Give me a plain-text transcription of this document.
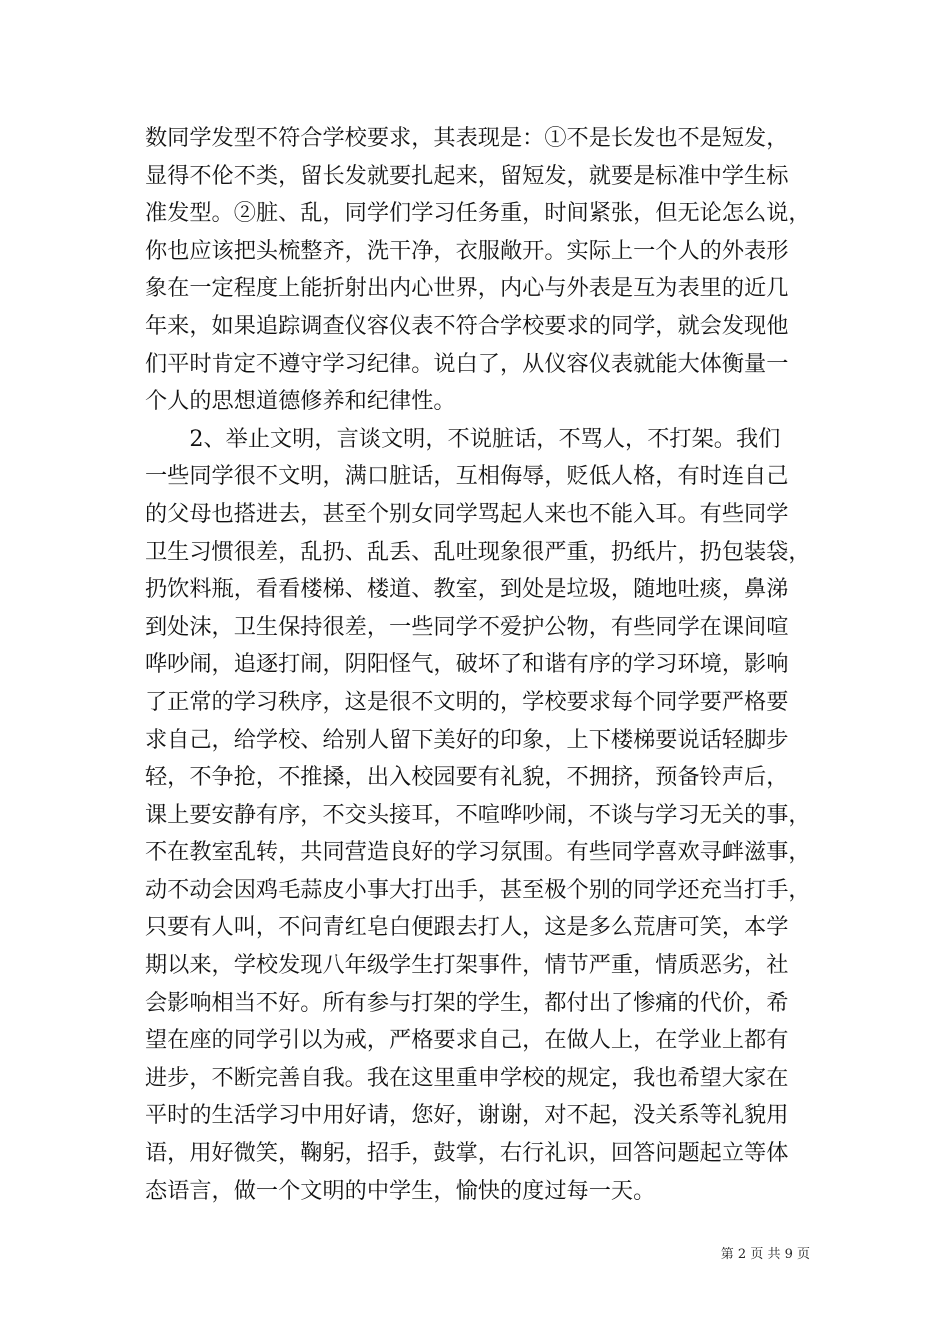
数同学发型不符合学校要求，其表现是：①不是长发也不是短发，
显得不伦不类，留长发就要扎起来，留短发，就要是标准中学生标
准发型。②脏、乱，同学们学习任务重，时间紧张，但无论怎么说，
你也应该把头梳整齐，洗干净，衣服敞开。实际上一个人的外表形
象在一定程度上能折射出内心世界，内心与外表是互为表里的近几
年来，如果追踪调查仪容仪表不符合学校要求的同学，就会发现他
们平时肯定不遵守学习纪律。说白了，从仪容仪表就能大体衡量一
个人的思想道德修养和纪律性。
　　2、举止文明，言谈文明，不说脏话，不骂人，不打架。我们
一些同学很不文明，满口脏话，互相侮辱，贬低人格，有时连自己
的父母也搭进去，甚至个别女同学骂起人来也不能入耳。有些同学
卫生习惯很差，乱扔、乱丢、乱吐现象很严重，扔纸片，扔包装袋，
扔饮料瓶，看看楼梯、楼道、教室，到处是垃圾，随地吐痰，鼻涕
到处沫，卫生保持很差，一些同学不爱护公物，有些同学在课间喧
哗吵闹，追逐打闹，阴阳怪气，破坏了和谐有序的学习环境，影响
了正常的学习秩序，这是很不文明的，学校要求每个同学要严格要
求自己，给学校、给别人留下美好的印象，上下楼梯要说话轻脚步
轻，不争抢，不推搡，出入校园要有礼貌，不拥挤，预备铃声后，
课上要安静有序，不交头接耳，不喧哗吵闹，不谈与学习无关的事，
不在教室乱转，共同营造良好的学习氛围。有些同学喜欢寻衅滋事，
动不动会因鸡毛蒜皮小事大打出手，甚至极个别的同学还充当打手，
只要有人叫，不问青红皂白便跟去打人，这是多么荒唐可笑，本学
期以来，学校发现八年级学生打架事件，情节严重，情质恶劣，社
会影响相当不好。所有参与打架的学生，都付出了惨痛的代价，希
望在座的同学引以为戒，严格要求自己，在做人上，在学业上都有
进步，不断完善自我。我在这里重申学校的规定，我也希望大家在
平时的生活学习中用好请，您好，谢谢，对不起，没关系等礼貌用
语，用好微笑，鞠躬，招手，鼓掌，右行礼识，回答问题起立等体
态语言，做一个文明的中学生，愉快的度过每一天。
第 2 页 共 9 页
